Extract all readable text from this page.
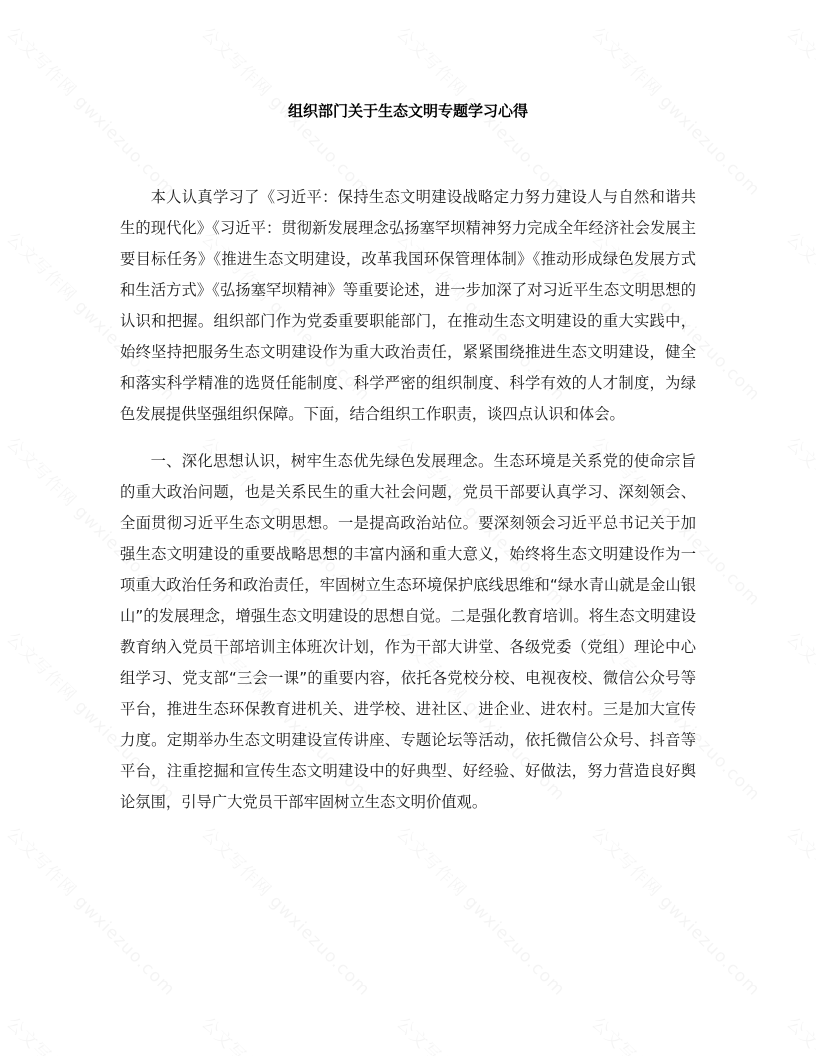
组织部门关于生态文明专题学习心得

本人认真学习了《习近平：保持生态文明建设战略定力努力建设人与自然和谐共生的现代化》《习近平：贯彻新发展理念弘扬塞罕坝精神努力完成全年经济社会发展主要目标任务》《推进生态文明建设，改革我国环保管理体制》《推动形成绿色发展方式和生活方式》《弘扬塞罕坝精神》等重要论述，进一步加深了对习近平生态文明思想的认识和把握。组织部门作为党委重要职能部门，在推动生态文明建设的重大实践中，始终坚持把服务生态文明建设作为重大政治责任，紧紧围绕推进生态文明建设，健全和落实科学精准的选贤任能制度、科学严密的组织制度、科学有效的人才制度，为绿色发展提供坚强组织保障。下面，结合组织工作职责，谈四点认识和体会。

一、深化思想认识，树牢生态优先绿色发展理念。生态环境是关系党的使命宗旨的重大政治问题，也是关系民生的重大社会问题，党员干部要认真学习、深刻领会、全面贯彻习近平生态文明思想。一是提高政治站位。要深刻领会习近平总书记关于加强生态文明建设的重要战略思想的丰富内涵和重大意义，始终将生态文明建设作为一项重大政治任务和政治责任，牢固树立生态环境保护底线思维和“绿水青山就是金山银山”的发展理念，增强生态文明建设的思想自觉。二是强化教育培训。将生态文明建设教育纳入党员干部培训主体班次计划，作为干部大讲堂、各级党委（党组）理论中心组学习、党支部“三会一课”的重要内容，依托各党校分校、电视夜校、微信公众号等平台，推进生态环保教育进机关、进学校、进社区、进企业、进农村。三是加大宣传力度。定期举办生态文明建设宣传讲座、专题论坛等活动，依托微信公众号、抖音等平台，注重挖掘和宣传生态文明建设中的好典型、好经验、好做法，努力营造良好舆论氛围，引导广大党员干部牢固树立生态文明价值观。
